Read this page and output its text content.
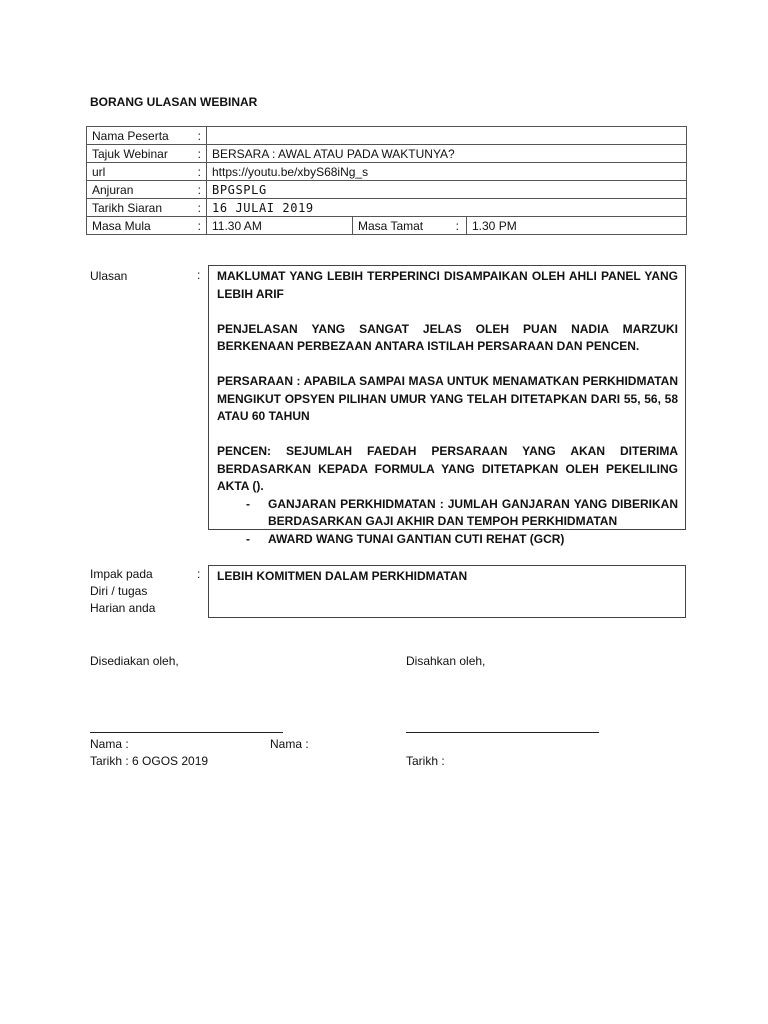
BORANG ULASAN WEBINAR
Nama Peserta	:				
Tajuk Webinar	:	BERSARA : AWAL ATAU PADA WAKTUNYA?			
url	:	https://youtu.be/xbyS68iNg_s			
Anjuran	:	BPGSPLG			
Tarikh Siaran	:	16 JULAI 2019			
Masa Mula	:	11.30 AM	Masa Tamat	:	1.30 PM
Ulasan	: MAKLUMAT YANG LEBIH TERPERINCI DISAMPAIKAN OLEH AHLI PANEL YANG LEBIH ARIF

PENJELASAN YANG SANGAT JELAS OLEH PUAN NADIA MARZUKI BERKENAAN PERBEZAAN ANTARA ISTILAH PERSARAAN DAN PENCEN.

PERSARAAN : APABILA SAMPAI MASA UNTUK MENAMATKAN PERKHIDMATAN MENGIKUT OPSYEN PILIHAN UMUR YANG TELAH DITETAPKAN DARI 55, 56, 58 ATAU 60 TAHUN

PENCEN: SEJUMLAH FAEDAH PERSARAAN YANG AKAN DITERIMA BERDASARKAN KEPADA FORMULA YANG DITETAPKAN OLEH PEKELILING AKTA ().

- GANJARAN PERKHIDMATAN : JUMLAH GANJARAN YANG DIBERIKAN BERDASARKAN GAJI AKHIR DAN TEMPOH PERKHIDMATAN
- AWARD WANG TUNAI GANTIAN CUTI REHAT (GCR)
Impak pada
Diri / tugas
Harian anda
:	LEBIH KOMITMEN DALAM PERKHIDMATAN
Disediakan oleh,	Disahkan oleh,
Nama :	Nama :
Tarikh : 6 OGOS 2019	Tarikh :
